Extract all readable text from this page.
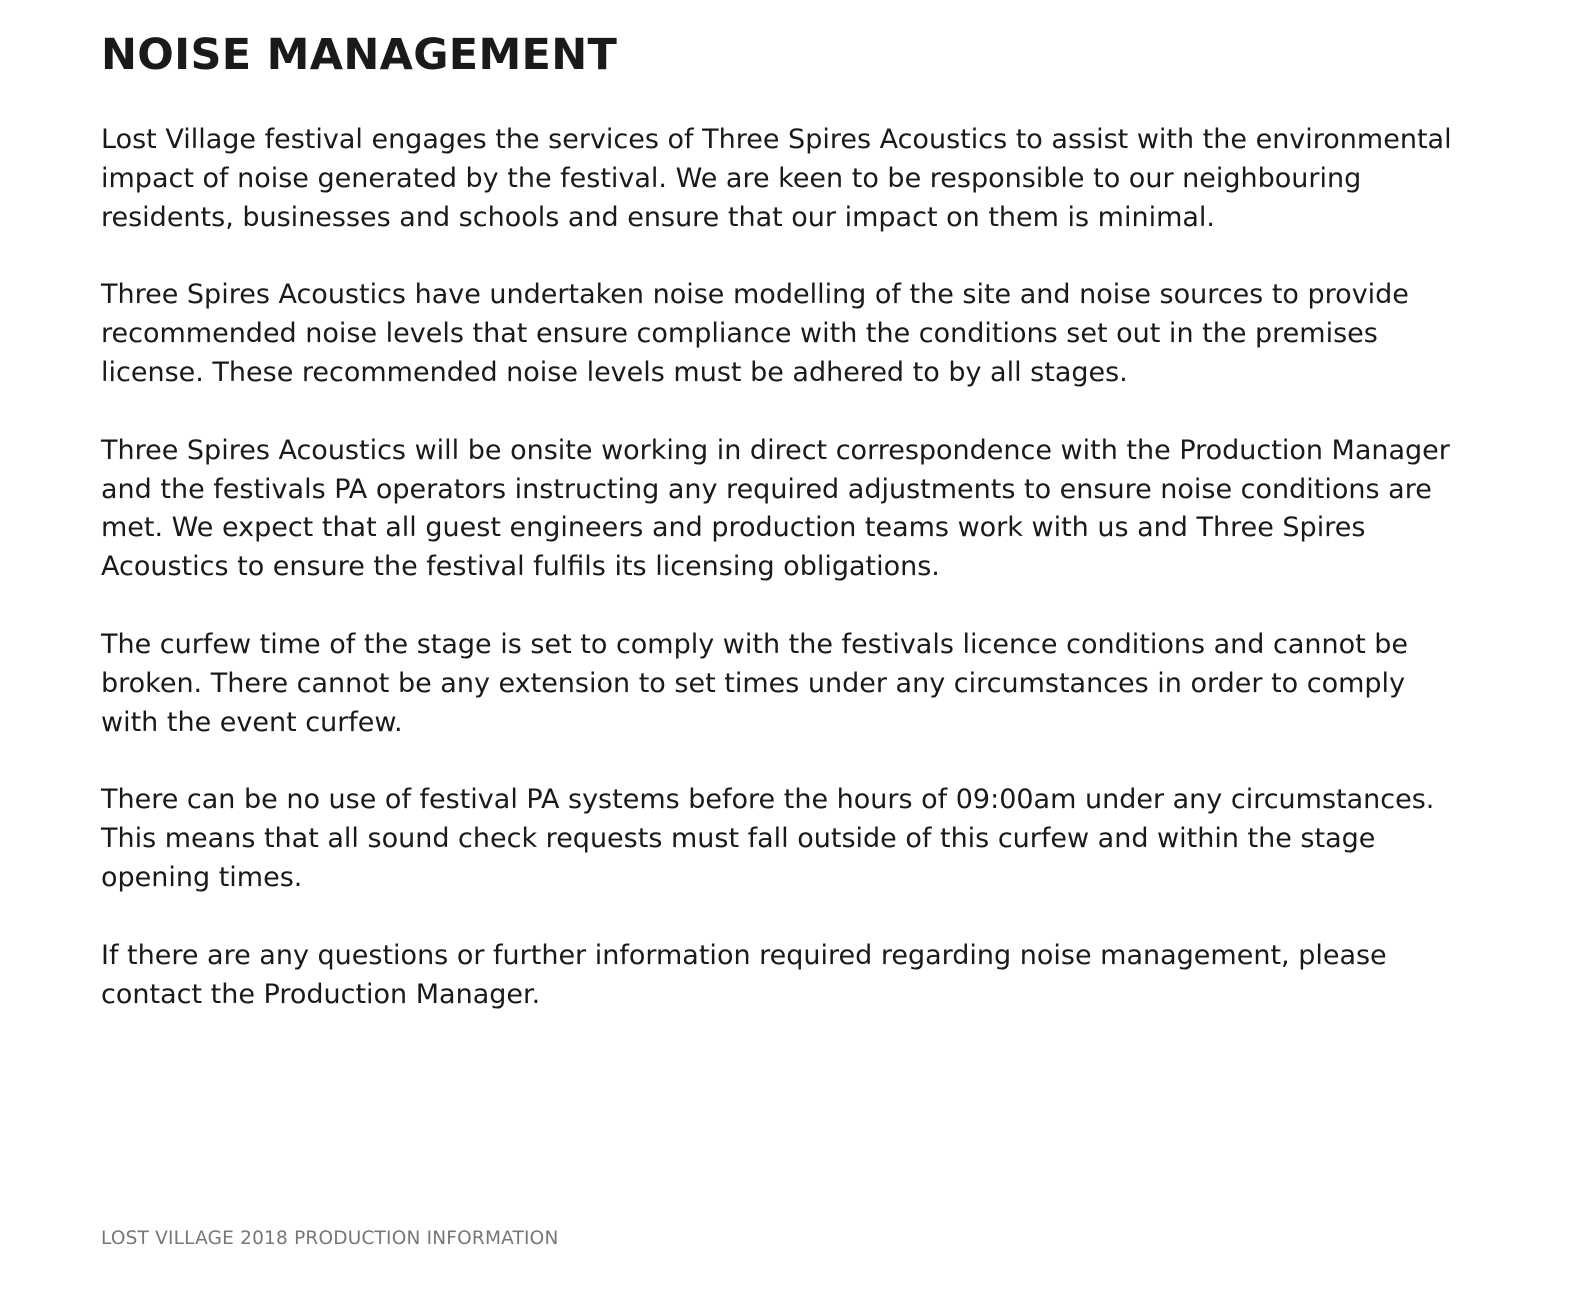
NOISE MANAGEMENT

Lost Village festival engages the services of Three Spires Acoustics to assist with the environmental impact of noise generated by the festival. We are keen to be responsible to our neighbouring residents, businesses and schools and ensure that our impact on them is minimal.

Three Spires Acoustics have undertaken noise modelling of the site and noise sources to provide recommended noise levels that ensure compliance with the conditions set out in the premises license. These recommended noise levels must be adhered to by all stages.

Three Spires Acoustics will be onsite working in direct correspondence with the Production Manager and the festivals PA operators instructing any required adjustments to ensure noise conditions are met. We expect that all guest engineers and production teams work with us and Three Spires Acoustics to ensure the festival fulfils its licensing obligations.

The curfew time of the stage is set to comply with the festivals licence conditions and cannot be broken. There cannot be any extension to set times under any circumstances in order to comply with the event curfew.

There can be no use of festival PA systems before the hours of 09:00am under any circumstances. This means that all sound check requests must fall outside of this curfew and within the stage opening times.

If there are any questions or further information required regarding noise management, please contact the Production Manager.

LOST VILLAGE 2018 PRODUCTION INFORMATION
